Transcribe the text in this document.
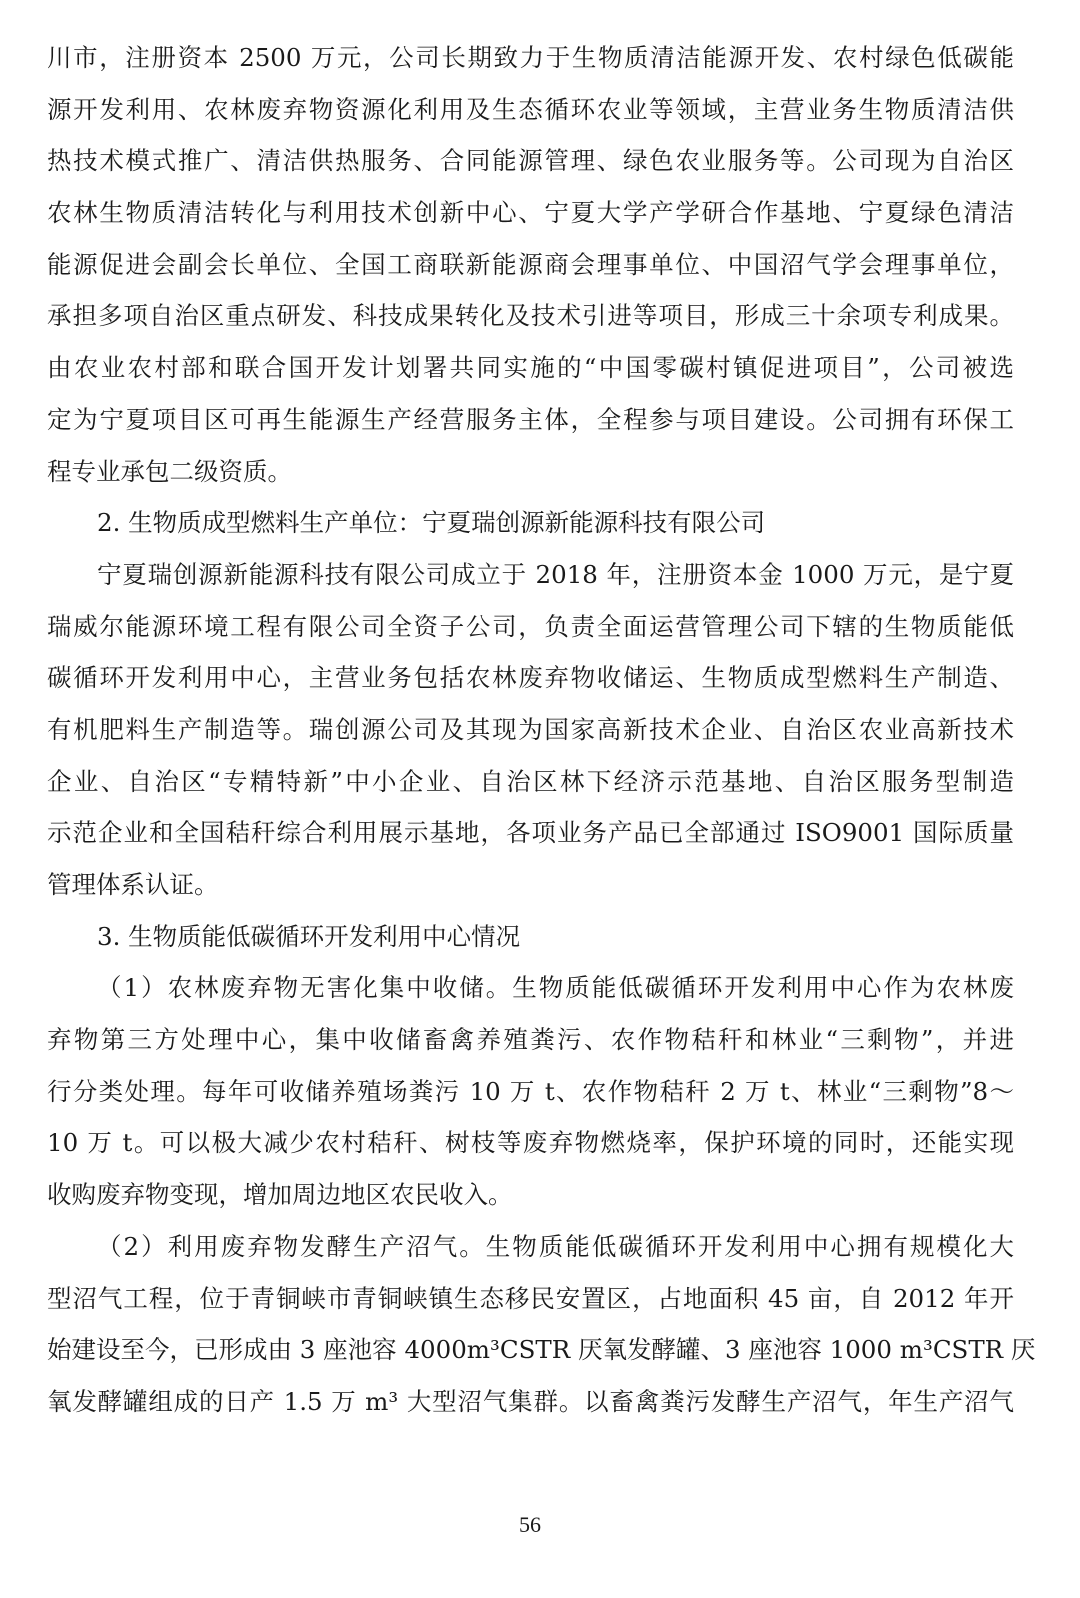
川市，注册资本 2500 万元，公司长期致力于生物质清洁能源开发、农村绿色低碳能
源开发利用、农林废弃物资源化利用及生态循环农业等领域，主营业务生物质清洁供
热技术模式推广、清洁供热服务、合同能源管理、绿色农业服务等。公司现为自治区
农林生物质清洁转化与利用技术创新中心、宁夏大学产学研合作基地、宁夏绿色清洁
能源促进会副会长单位、全国工商联新能源商会理事单位、中国沼气学会理事单位，
承担多项自治区重点研发、科技成果转化及技术引进等项目，形成三十余项专利成果。
由农业农村部和联合国开发计划署共同实施的“中国零碳村镇促进项目”，公司被选
定为宁夏项目区可再生能源生产经营服务主体，全程参与项目建设。公司拥有环保工
程专业承包二级资质。
2. 生物质成型燃料生产单位：宁夏瑞创源新能源科技有限公司
宁夏瑞创源新能源科技有限公司成立于 2018 年，注册资本金 1000 万元，是宁夏
瑞威尔能源环境工程有限公司全资子公司，负责全面运营管理公司下辖的生物质能低
碳循环开发利用中心，主营业务包括农林废弃物收储运、生物质成型燃料生产制造、
有机肥料生产制造等。瑞创源公司及其现为国家高新技术企业、自治区农业高新技术
企业、自治区“专精特新”中小企业、自治区林下经济示范基地、自治区服务型制造
示范企业和全国秸秆综合利用展示基地，各项业务产品已全部通过 ISO9001 国际质量
管理体系认证。
3. 生物质能低碳循环开发利用中心情况
（1）农林废弃物无害化集中收储。生物质能低碳循环开发利用中心作为农林废
弃物第三方处理中心，集中收储畜禽养殖粪污、农作物秸秆和林业“三剩物”，并进
行分类处理。每年可收储养殖场粪污 10 万 t、农作物秸秆 2 万 t、林业“三剩物”8～
10 万 t。可以极大减少农村秸秆、树枝等废弃物燃烧率，保护环境的同时，还能实现
收购废弃物变现，增加周边地区农民收入。
（2）利用废弃物发酵生产沼气。生物质能低碳循环开发利用中心拥有规模化大
型沼气工程，位于青铜峡市青铜峡镇生态移民安置区，占地面积 45 亩，自 2012 年开
始建设至今，已形成由 3 座池容 4000m³CSTR 厌氧发酵罐、3 座池容 1000 m³CSTR 厌
氧发酵罐组成的日产 1.5 万 m³ 大型沼气集群。以畜禽粪污发酵生产沼气，年生产沼气
56
